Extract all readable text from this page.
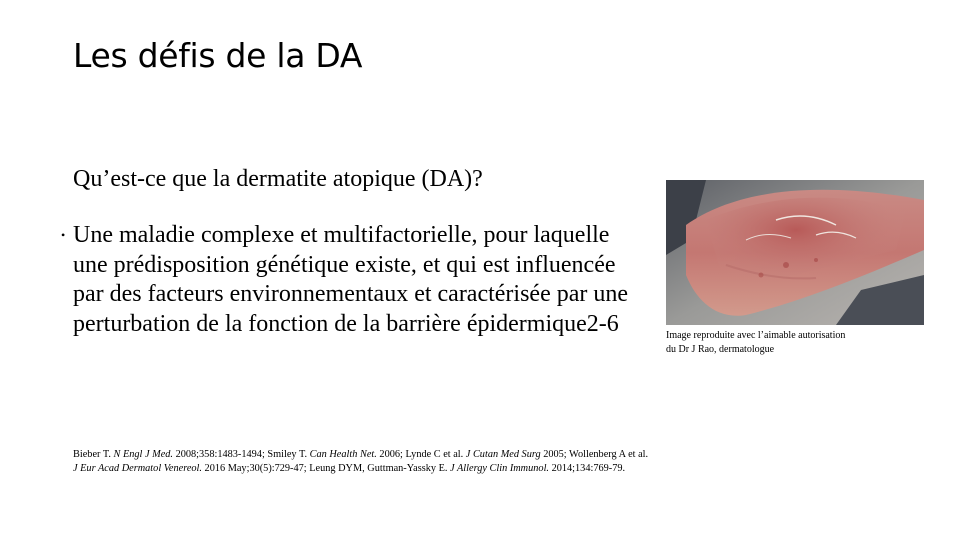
Les défis de la DA
Qu’est-ce que la dermatite atopique (DA)?
• Une maladie complexe et multifactorielle, pour laquelle une prédisposition génétique existe, et qui est influencée par des facteurs environnementaux et caractérisée par une perturbation de la fonction de la barrière épidermique2-6
Bieber T. N Engl J Med. 2008;358:1483-1494; Smiley T. Can Health Net. 2006; Lynde C et al. J Cutan Med Surg 2005; Wollenberg A et al. J Eur Acad Dermatol Venereol. 2016 May;30(5):729-47; Leung DYM, Guttman-Yassky E. J Allergy Clin Immunol. 2014;134:769-79.
Image reproduite avec l’aimable autorisation du Dr J Rao, dermatologue
